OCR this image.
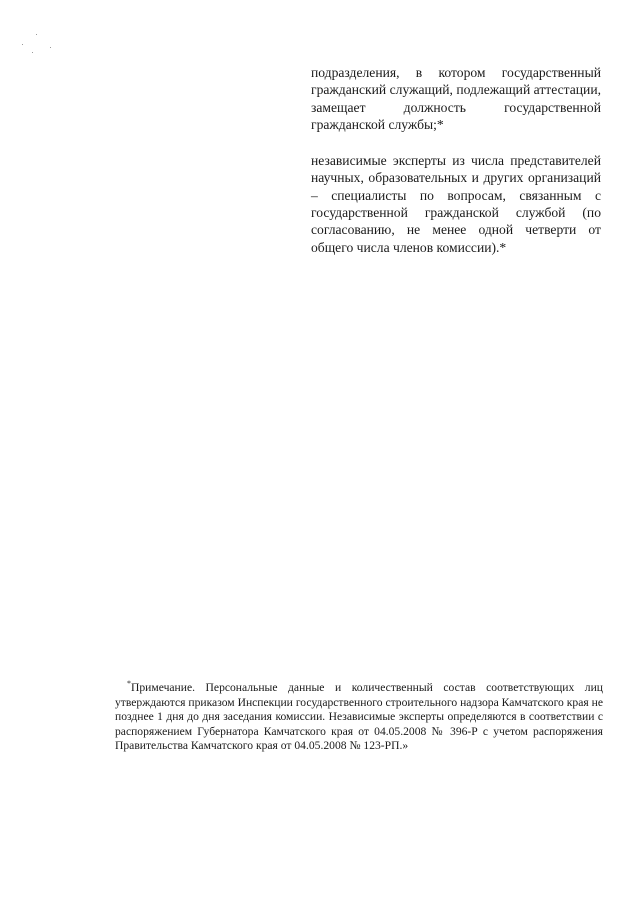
подразделения, в котором государственный гражданский служащий, подлежащий аттестации, замещает должность государственной гражданской службы;*

независимые эксперты из числа представителей научных, образовательных и других организаций – специалисты по вопросам, связанным с государственной гражданской службой (по согласованию, не менее одной четверти от общего числа членов комиссии).*

*Примечание. Персональные данные и количественный состав соответствующих лиц утверждаются приказом Инспекции государственного строительного надзора Камчатского края не позднее 1 дня до дня заседания комиссии. Независимые эксперты определяются в соответствии с распоряжением Губернатора Камчатского края от 04.05.2008 № 396-Р с учетом распоряжения Правительства Камчатского края от 04.05.2008 № 123-РП.»
